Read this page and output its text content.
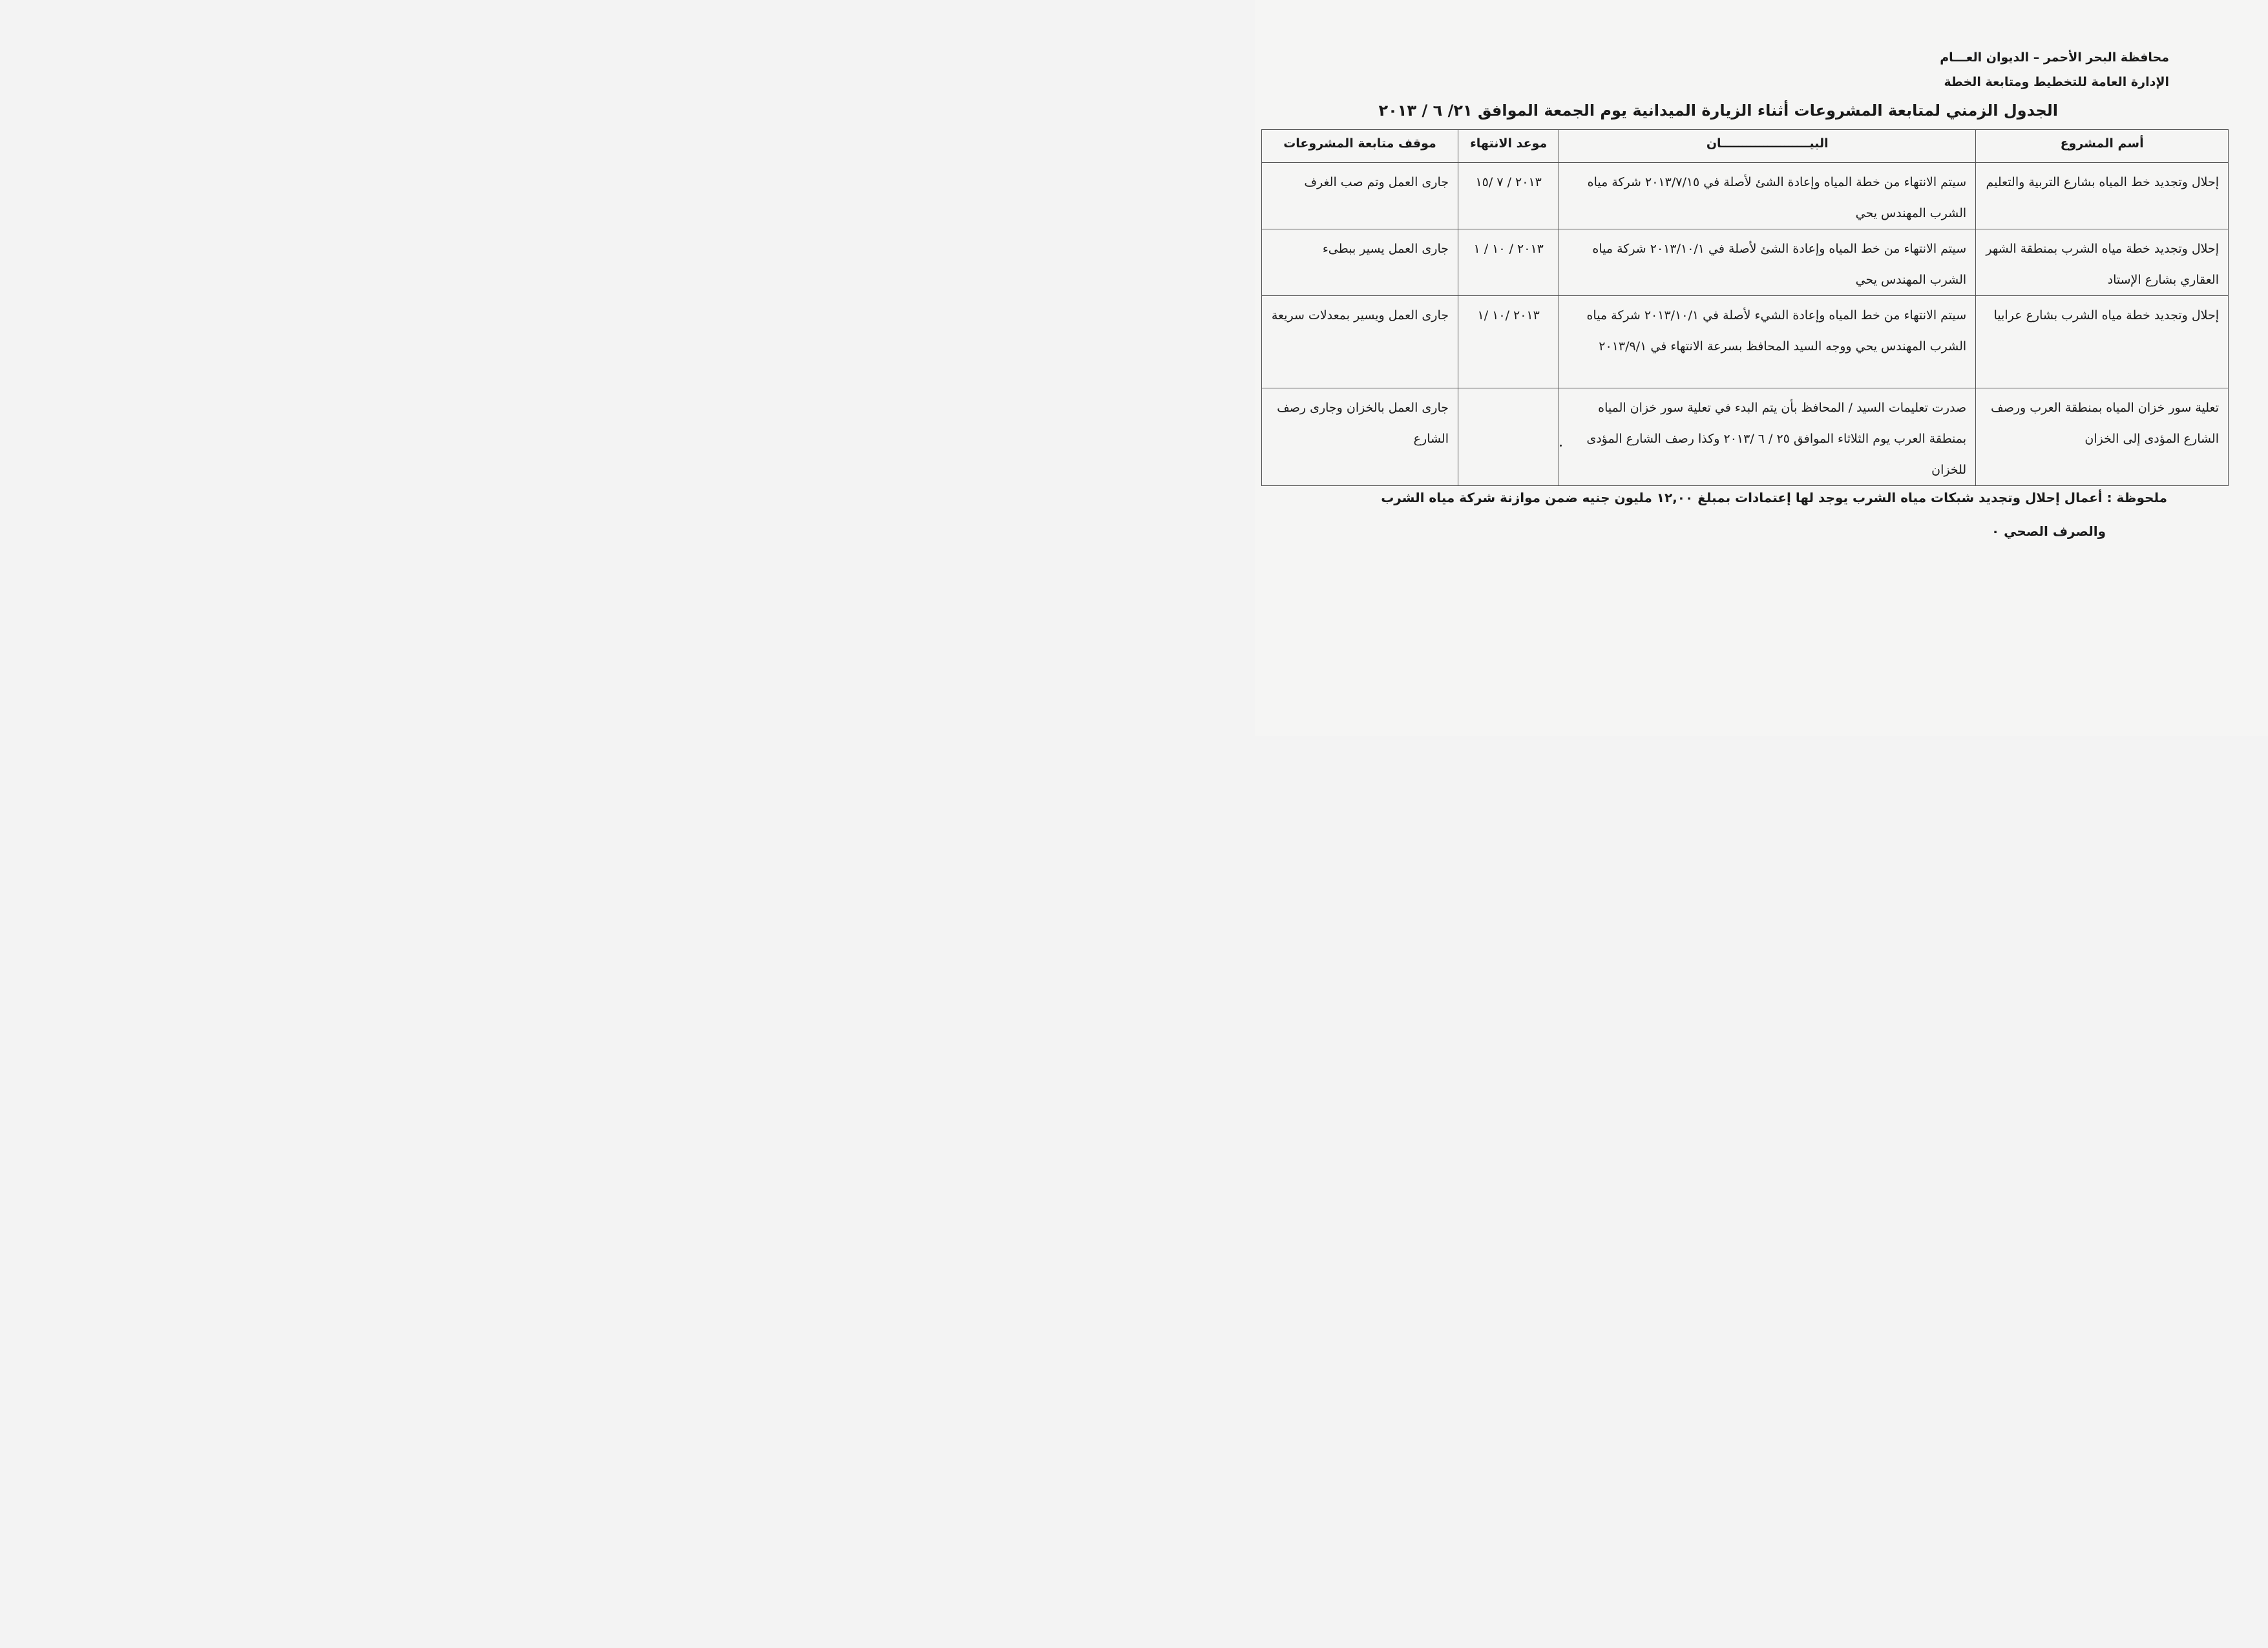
محافظة البحر الأحمر – الديوان العـــام
الإدارة العامة للتخطيط ومتابعة الخطة
الجدول الزمني لمتابعة المشروعات أثناء الزيارة الميدانية يوم الجمعة الموافق ٢١/ ٦ / ٢٠١٣
أسم المشروع	البيـــــــــــــــــــــان	موعد الانتهاء	موقف متابعة المشروعات
إحلال وتجديد خط المياه بشارع التربية والتعليم	سيتم الانتهاء من خطة المياه وإعادة الشئ لأصلة في ٢٠١٣/٧/١٥ شركة مياه الشرب المهندس يحي	٢٠١٣ / ٧ /١٥	جارى العمل وتم صب الغرف
إحلال وتجديد خطة مياه الشرب بمنطقة الشهر العقاري بشارع الإستاد	سيتم الانتهاء من خط المياه وإعادة الشئ لأصلة في ٢٠١٣/١٠/١ شركة مياه الشرب المهندس يحي	٢٠١٣ / ١٠ / ١	جارى العمل يسير ببطىء
إحلال وتجديد خطة مياه الشرب بشارع عرابيا	سيتم الانتهاء من خط المياه وإعادة الشيء لأصلة في ٢٠١٣/١٠/١ شركة مياه الشرب المهندس يحي ووجه السيد المحافظ بسرعة الانتهاء في ٢٠١٣/٩/١	٢٠١٣ /١٠ /١	جارى العمل ويسير بمعدلات سريعة
تعلية سور خزان المياه بمنطقة العرب ورصف الشارع المؤدى إلى الخزان	صدرت تعليمات السيد / المحافظ بأن يتم البدء في تعلية سور خزان المياه بمنطقة العرب يوم الثلاثاء الموافق ٢٥ / ٦ /٢٠١٣ وكذا رصف الشارع المؤدى للخزان		جارى العمل بالخزان وجارى رصف الشارع
ملحوظة : أعمال إحلال وتجديد شبكات مياه الشرب يوجد لها إعتمادات بمبلغ ١٢,٠٠ مليون جنيه ضمن موازنة شركة مياه الشرب
والصرف الصحي ٠
